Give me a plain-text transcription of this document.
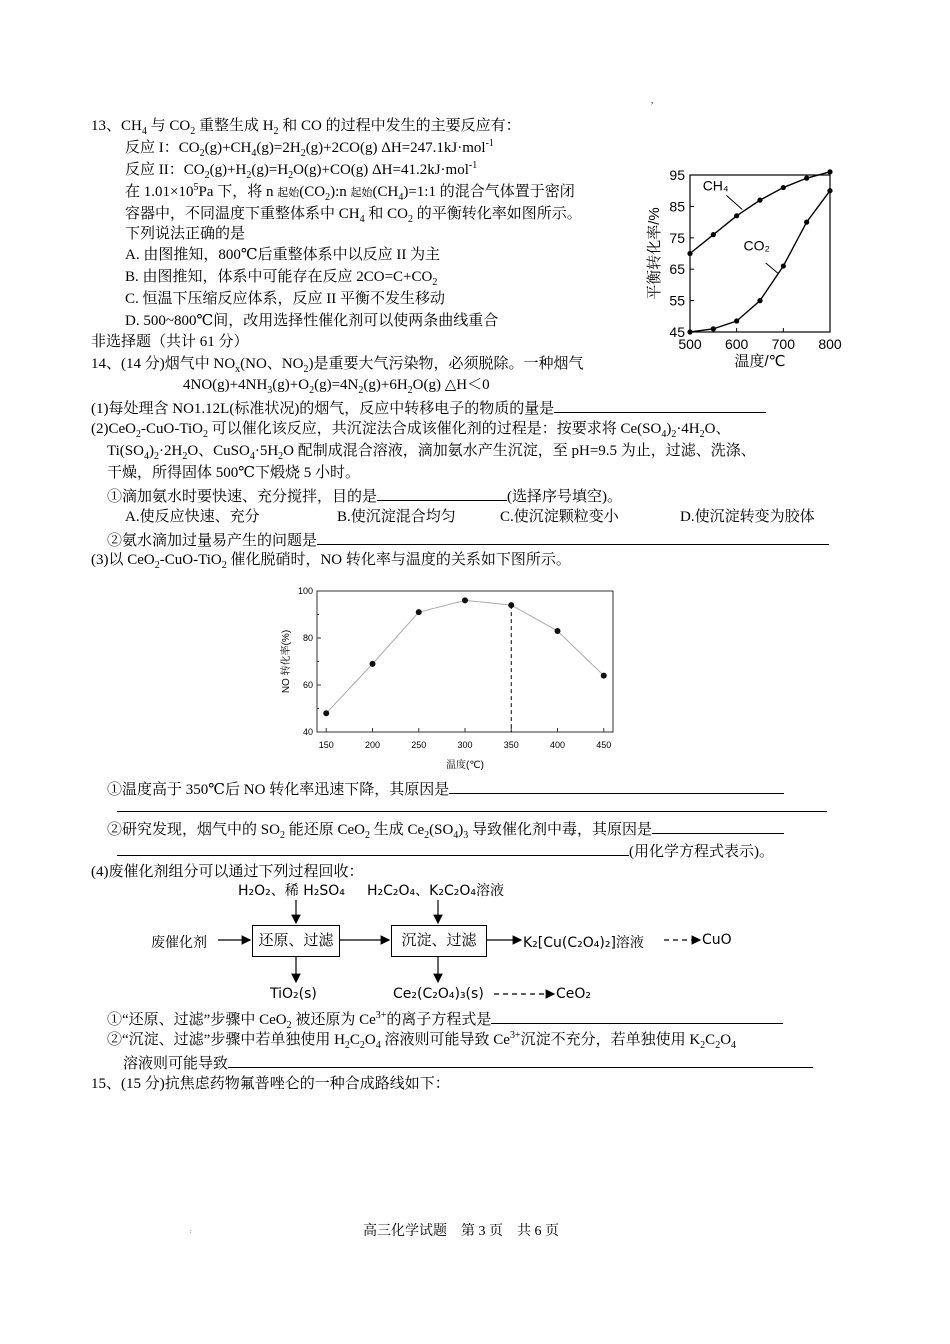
,
13、$CH_4$ 与 $CO_2$ 重整生成 $H_2$ 和 CO 的过程中发生的主要反应有：
反应 I：$CO_2(g)+CH_4(g)=2H_2(g)+2CO(g)$ ΔH=247.1kJ·mol$^{-1}$
反应 II：$CO_2(g)+H_2(g)=H_2O(g)+CO(g)$ ΔH=41.2kJ·mol$^{-1}$
在 $1.01\times 10^5Pa$ 下，将 n 起始$(CO_2):n$ 起始$(CH_4)=1:1$ 的混合气体置于密闭
容器中，不同温度下重整体系中 $CH_4$ 和 $CO_2$ 的平衡转化率如图所示。
下列说法正确的是
A. 由图推知，800℃后重整体系中以反应 II 为主
B. 由图推知，体系中可能存在反应 $2CO=C+CO_2$
C. 恒温下压缩反应体系，反应 II 平衡不发生移动
D. 500~800℃间，改用选择性催化剂可以使两条曲线重合
45
55
65
75
85
95
500 600 700 800
温度/℃
平衡转化率/%
CH₄
CO₂
非选择题（共计 61 分）
14、(14 分)烟气中 $NO_x(NO$、$NO_2$)是重要大气污染物，必须脱除。一种烟气
$4NO(g)+4NH_3(g)+O_2(g)=4N_2(g)+6H_2O(g)$ △H＜0
(1)每处理含 NO1.12L(标准状况)的烟气，反应中转移电子的物质的量是
(2)CeO$_2$-CuO-TiO$_2$ 可以催化该反应，共沉淀法合成该催化剂的过程是：按要求将 $Ce(SO_4)_2\cdot 4H_2O$、
$Ti(SO_4)_2\cdot 2H_2O$、$CuSO_4\cdot 5H_2O$ 配制成混合溶液，滴加氨水产生沉淀，至 pH=9.5 为止，过滤、洗涤、
干燥，所得固体 500℃下煅烧 5 小时。
①滴加氨水时要快速、充分搅拌，目的是	(选择序号填空)。
A.使反应快速、充分	B.使沉淀混合均匀	C.使沉淀颗粒变小	D.使沉淀转变为胶体
②氨水滴加过量易产生的问题是
(3)以 CeO$_2$-CuO-TiO$_2$ 催化脱硝时，NO 转化率与温度的关系如下图所示。
40
60
80
100
150	200	250	300	350	400	450
温度(℃)
NO 转化率(%)
①温度高于 350℃后 NO 转化率迅速下降，其原因是
②研究发现，烟气中的 $SO_2$ 能还原 CeO$_2$ 生成 $Ce_2(SO_4)_3$ 导致催化剂中毒，其原因是
(用化学方程式表示)。
(4)废催化剂组分可以通过下列过程回收：
H₂O₂、稀 H₂SO₄ H₂C₂O₄、K₂C₂O₄溶液
废催化剂	还原、过滤	沉淀、过滤	K₂[Cu(C₂O₄)₂]溶液	CuO
TiO₂(s)	Ce₂(C₂O₄)₃(s)	CeO₂
①“还原、过滤”步骤中 CeO$_2$ 被还原为 $Ce^{3+}$的离子方程式是
②“沉淀、过滤”步骤中若单独使用 $H_2C_2O_4$ 溶液则可能导致 $Ce^{3+}$沉淀不充分，若单独使用 $K_2C_2O_4$
溶液则可能导致
15、(15 分)抗焦虑药物氟普唑仑的一种合成路线如下：
:	高三化学试题　第 3 页　共 6 页
